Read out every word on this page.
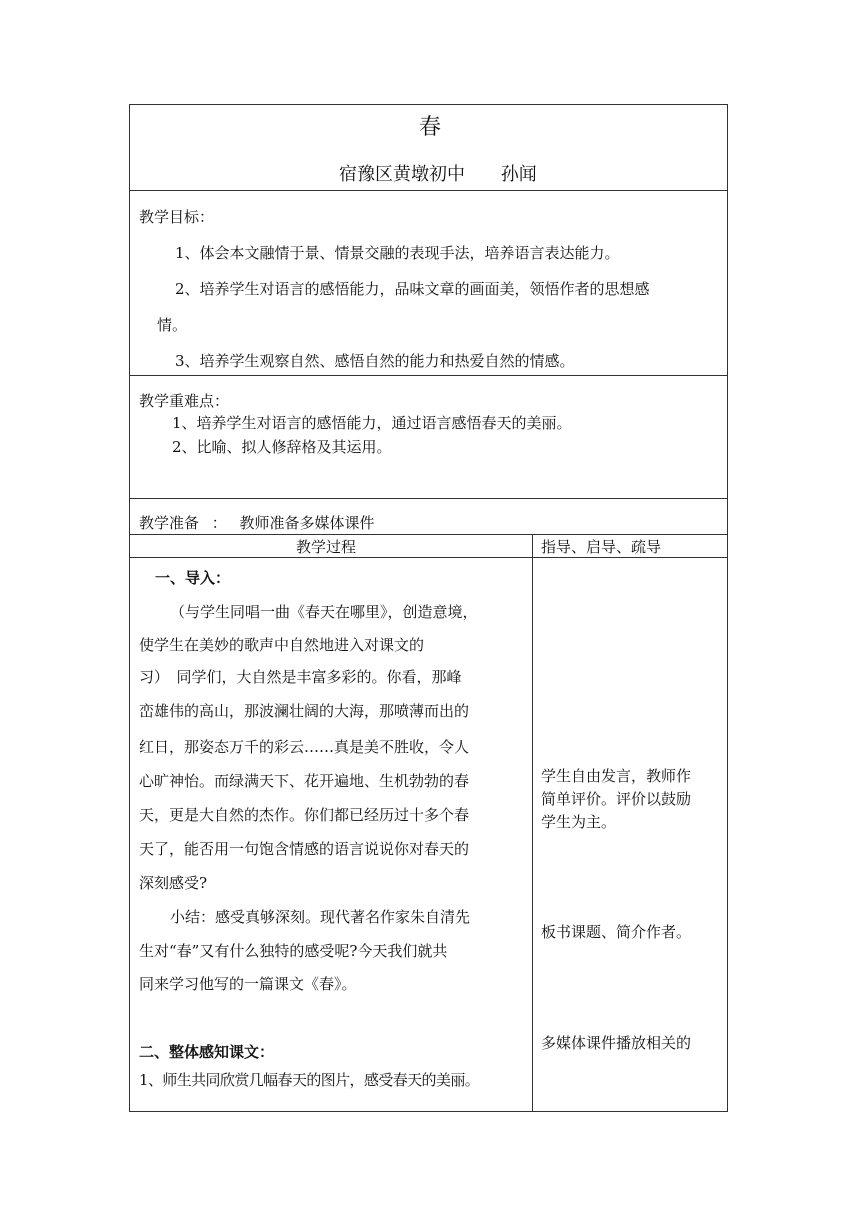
春
宿豫区黄墩初中 孙闻
教学目标：
1、体会本文融情于景、情景交融的表现手法，培养语言表达能力。
2、培养学生对语言的感悟能力，品味文章的画面美，领悟作者的思想感
情。
3、培养学生观察自然、感悟自然的能力和热爱自然的情感。
教学重难点：
1、培养学生对语言的感悟能力，通过语言感悟春天的美丽。
2、比喻、拟人修辞格及其运用。
教学准备 ： 教师准备多媒体课件
教学过程	指导、启导、疏导
一、导入：
（与学生同唱一曲《春天在哪里》，创造意境，
使学生在美妙的歌声中自然地进入对课文的
习）　同学们，大自然是丰富多彩的。你看，那峰
峦雄伟的高山，那波澜壮阔的大海，那喷薄而出的
红日，那姿态万千的彩云……真是美不胜收，令人
心旷神怡。而绿满天下、花开遍地、生机勃勃的春
天，更是大自然的杰作。你们都已经历过十多个春
天了，能否用一句饱含情感的语言说说你对春天的
深刻感受?
小结：感受真够深刻。现代著名作家朱自清先
生对“春”又有什么独特的感受呢?今天我们就共
同来学习他写的一篇课文《春》。
二、整体感知课文：
1、师生共同欣赏几幅春天的图片，感受春天的美丽。
学生自由发言，教师作
简单评价。评价以鼓励
学生为主。
板书课题、简介作者。
多媒体课件播放相关的
